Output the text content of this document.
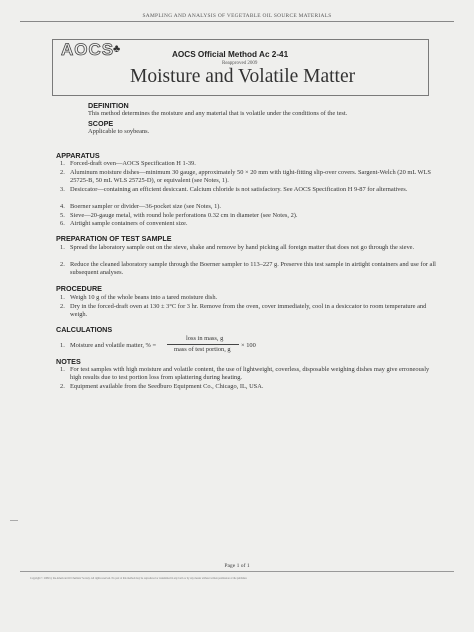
SAMPLING AND ANALYSIS OF VEGETABLE OIL SOURCE MATERIALS
AOCS
♣	AOCS Official Method Ac 2-41
Reapproved 2009
Moisture and Volatile Matter
DEFINITION
This method determines the moisture and any material that is volatile under the conditions of the test.
SCOPE
Applicable to soybeans.
APPARATUS
1. Forced-draft oven—AOCS Specification H 1-39.
2. Aluminum moisture dishes—minimum 30 gauge, approximately 50 × 20 mm with tight-fitting slip-over covers. Sargent-Welch (20 mL WLS 25725-B, 50 mL WLS 25725-D), or equivalent (see Notes, 1).
3. Desiccator—containing an efficient desiccant. Calcium chloride is not satisfactory. See AOCS Specification H 9-87 for alternatives.
4. Boerner sampler or divider—36-pocket size (see Notes, 1).
5. Sieve—20-gauge metal, with round hole perforations 0.32 cm in diameter (see Notes, 2).
6. Airtight sample containers of convenient size.
PREPARATION OF TEST SAMPLE
1. Spread the laboratory sample out on the sieve, shake and remove by hand picking all foreign matter that does not go through the sieve.
2. Reduce the cleaned laboratory sample through the Boerner sampler to 113–227 g. Preserve this test sample in airtight containers and use for all subsequent analyses.
PROCEDURE
1. Weigh 10 g of the whole beans into a tared moisture dish.
2. Dry in the forced-draft oven at 130 ± 3°C for 3 hr. Remove from the oven, cover immediately, cool in a desiccator to room temperature and weigh.
CALCULATIONS
1. Moisture and volatile matter, % =
loss in mass, g
mass of test portion, g
× 100
NOTES
1. For test samples with high moisture and volatile content, the use of lightweight, coverless, disposable weighing dishes may give erroneously high results due to test portion loss from splattering during heating.
2. Equipment available from the Seedburo Equipment Co., Chicago, IL, USA.
Page 1 of 1
Copyright © 2009 by the American Oil Chemists' Society. All rights reserved. No part of this method may be reproduced or transmitted in any form or by any means without written permission of the publisher.
